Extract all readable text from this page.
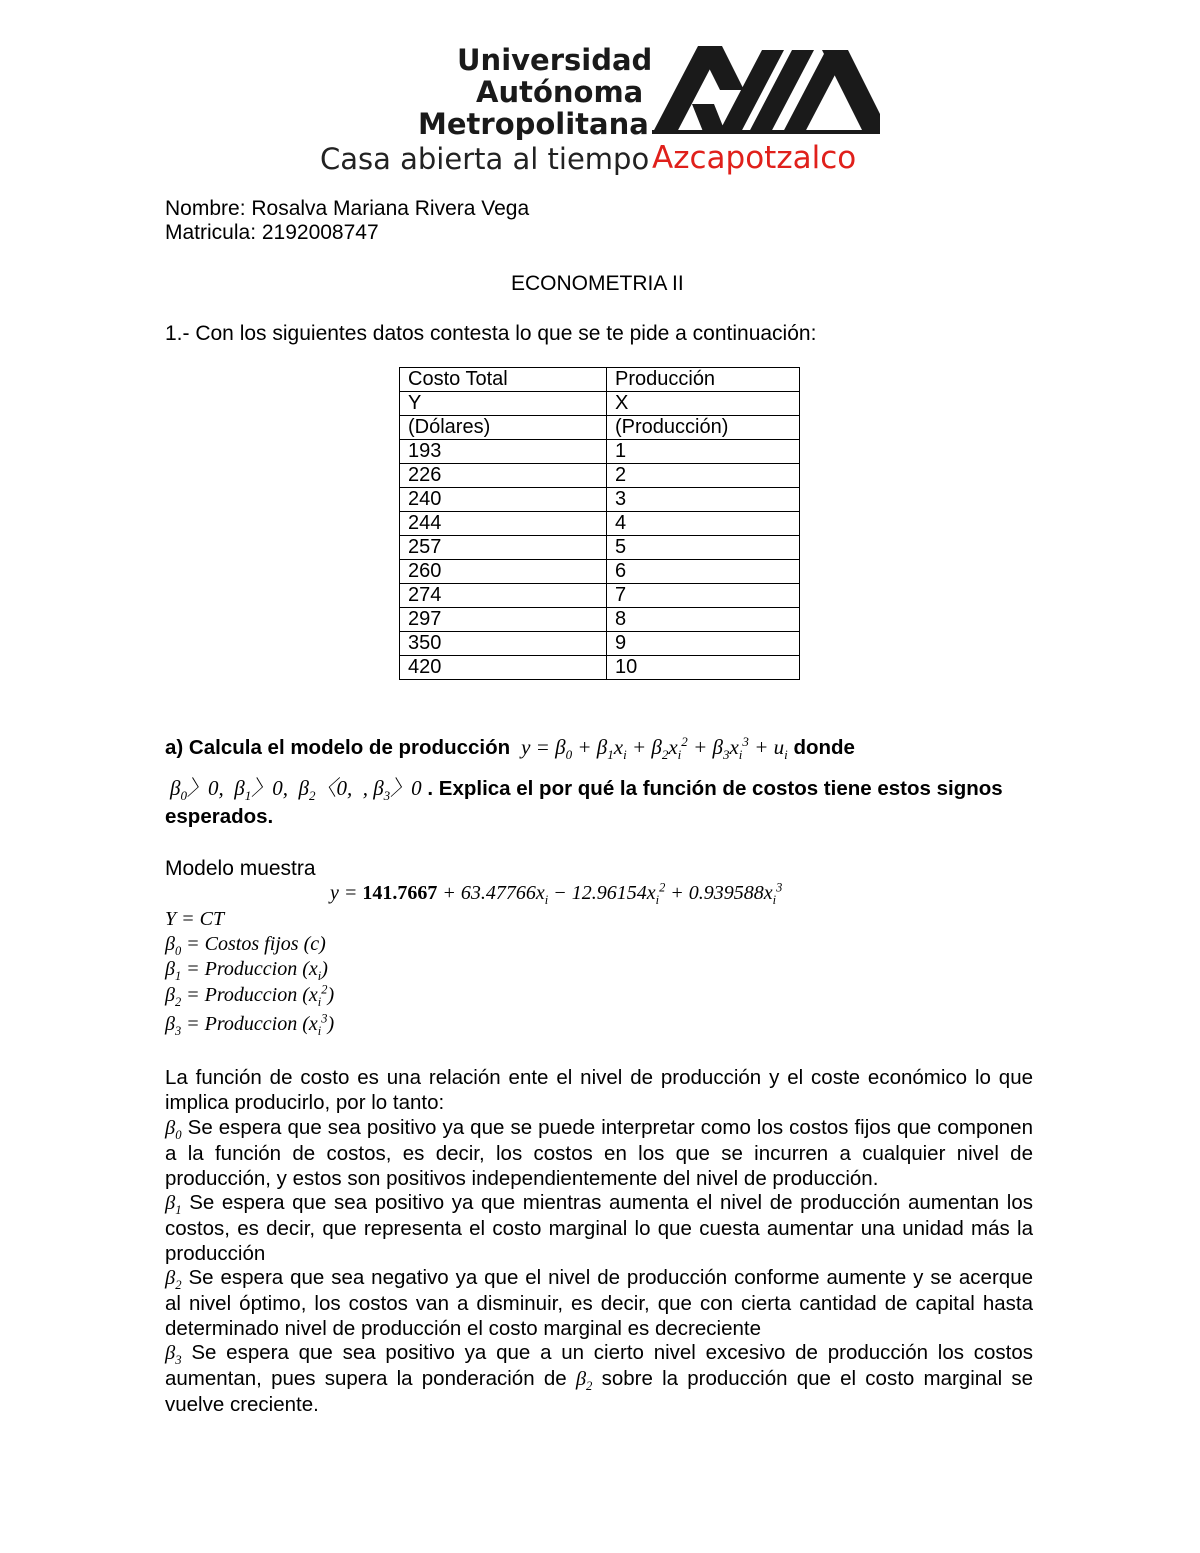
Universidad
Autónoma
Metropolitana
Casa abierta al tiempo Azcapotzalco
Nombre: Rosalva Mariana Rivera Vega
Matricula: 2192008747
ECONOMETRIA II
1.- Con los siguientes datos contesta lo que se te pide a continuación:
Costo Total	Producción
Y	X
(Dólares)	(Producción)
193	1
226	2
240	3
244	4
257	5
260	6
274	7
297	8
350	9
420	10
a) Calcula el modelo de producción  $y = \beta_0 + \beta_1x_i + \beta_2x_i^2 + \beta_3x_i^3 + u_i$ donde
$\beta_0$〉0,  $\beta_1$〉0,  $\beta_2$〈0,  , $\beta_3$〉0 . Explica el por qué la función de costos tiene estos signos
esperados.
Modelo muestra
$y = 141.7667 + 63.47766x_i - 12.96154x_i^2 + 0.939588x_i^3$
Y = CT
$\beta_0$ = Costos fijos (c)
$\beta_1$ = Produccion $(x_i)$
$\beta_2$ = Produccion $(x_i^2)$
$\beta_3$ = Produccion $(x_i^3)$
La función de costo es una relación ente el nivel de producción y el coste económico lo que implica producirlo, por lo tanto:
$\beta_0$ Se espera que sea positivo ya que se puede interpretar como los costos fijos que componen a la función de costos, es decir, los costos en los que se incurren a cualquier nivel de producción, y estos son positivos independientemente del nivel de producción.
$\beta_1$ Se espera que sea positivo ya que mientras aumenta el nivel de producción aumentan los costos, es decir, que representa el costo marginal lo que cuesta aumentar una unidad más la producción
$\beta_2$ Se espera que sea negativo ya que el nivel de producción conforme aumente y se acerque al nivel óptimo, los costos van a disminuir, es decir, que con cierta cantidad de capital hasta determinado nivel de producción el costo marginal es decreciente
$\beta_3$ Se espera que sea positivo ya que a un cierto nivel excesivo de producción los costos aumentan, pues supera la ponderación de $\beta_2$ sobre la producción que el costo marginal se vuelve creciente.
